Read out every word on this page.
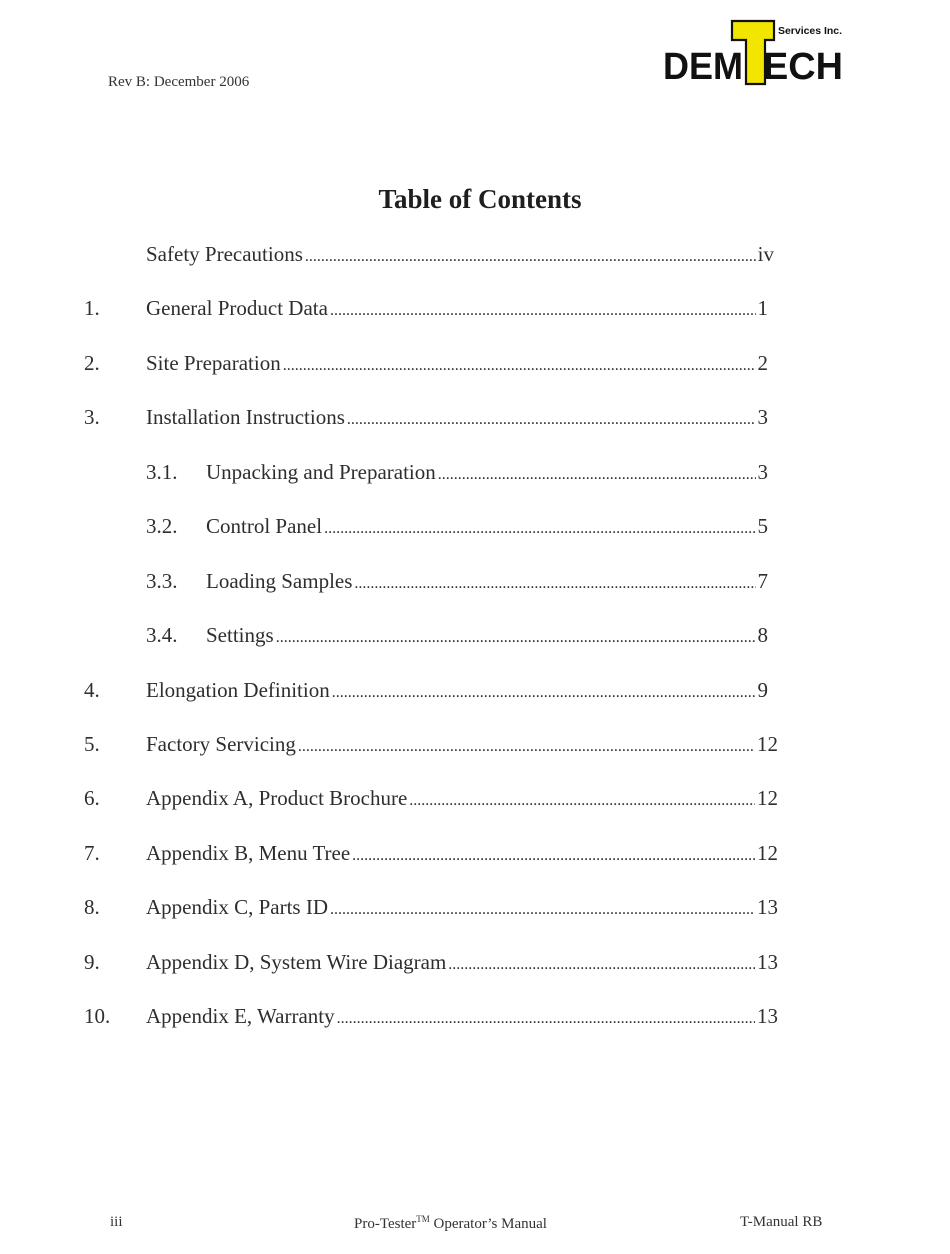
Rev B: December 2006	DEM ECH
Services Inc.
Table of Contents
Safety Precautions . . .	iv
1. General Product Data . . .	1
2. Site Preparation . . .	2
3. Installation Instructions . . .	3
3.1. Unpacking and Preparation . . .	3
3.2. Control Panel . . .	5
3.3. Loading Samples . . .	7
3.4. Settings . . .	8
4. Elongation Definition . . .	9
5. Factory Servicing . . .	12
6. Appendix A, Product Brochure . . .	12
7. Appendix B, Menu Tree . . .	12
8. Appendix C, Parts ID . . .	13
9. Appendix D, System Wire Diagram . . .	13
10. Appendix E, Warranty . . .	13
iii	Pro-Tester™ Operator’s Manual	T-Manual RB
